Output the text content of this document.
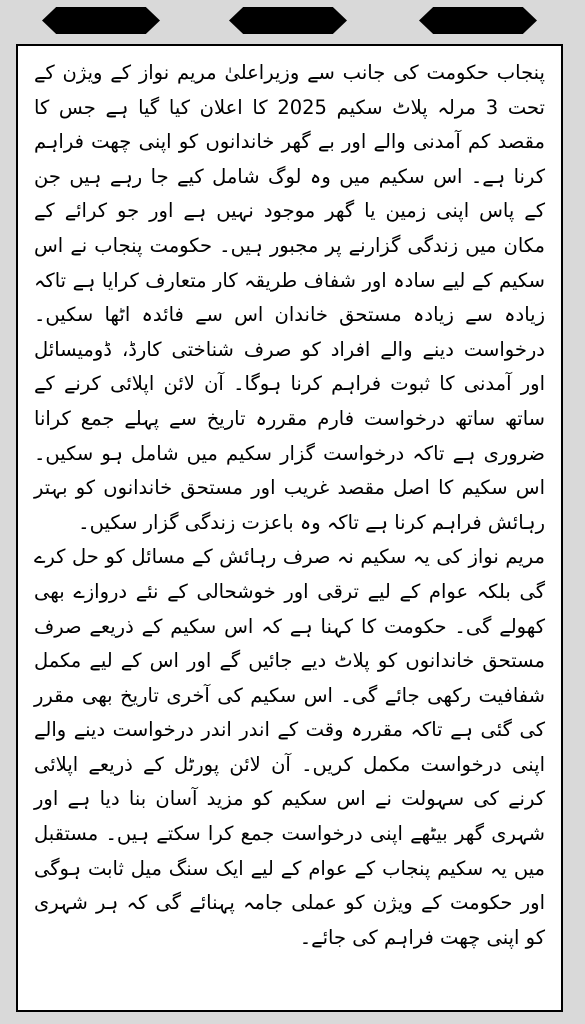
پنجاب حکومت کی جانب سے وزیراعلیٰ مریم نواز کے ویژن کے تحت 3 مرلہ پلاٹ سکیم 2025 کا اعلان کیا گیا ہے جس کا مقصد کم آمدنی والے اور بے گھر خاندانوں کو اپنی چھت فراہم کرنا ہے۔ اس سکیم میں وہ لوگ شامل کیے جا رہے ہیں جن کے پاس اپنی زمین یا گھر موجود نہیں ہے اور جو کرائے کے مکان میں زندگی گزارنے پر مجبور ہیں۔ حکومت پنجاب نے اس سکیم کے لیے سادہ اور شفاف طریقہ کار متعارف کرایا ہے تاکہ زیادہ سے زیادہ مستحق خاندان اس سے فائدہ اٹھا سکیں۔ درخواست دینے والے افراد کو صرف شناختی کارڈ، ڈومیسائل اور آمدنی کا ثبوت فراہم کرنا ہوگا۔ آن لائن اپلائی کرنے کے ساتھ ساتھ درخواست فارم مقررہ تاریخ سے پہلے جمع کرانا ضروری ہے تاکہ درخواست گزار سکیم میں شامل ہو سکیں۔ اس سکیم کا اصل مقصد غریب اور مستحق خاندانوں کو بہتر رہائش فراہم کرنا ہے تاکہ وہ باعزت زندگی گزار سکیں۔

مریم نواز کی یہ سکیم نہ صرف رہائش کے مسائل کو حل کرے گی بلکہ عوام کے لیے ترقی اور خوشحالی کے نئے دروازے بھی کھولے گی۔ حکومت کا کہنا ہے کہ اس سکیم کے ذریعے صرف مستحق خاندانوں کو پلاٹ دیے جائیں گے اور اس کے لیے مکمل شفافیت رکھی جائے گی۔ اس سکیم کی آخری تاریخ بھی مقرر کی گئی ہے تاکہ مقررہ وقت کے اندر اندر درخواست دینے والے اپنی درخواست مکمل کریں۔ آن لائن پورٹل کے ذریعے اپلائی کرنے کی سہولت نے اس سکیم کو مزید آسان بنا دیا ہے اور شہری گھر بیٹھے اپنی درخواست جمع کرا سکتے ہیں۔ مستقبل میں یہ سکیم پنجاب کے عوام کے لیے ایک سنگ میل ثابت ہوگی اور حکومت کے ویژن کو عملی جامہ پہنائے گی کہ ہر شہری کو اپنی چھت فراہم کی جائے۔
